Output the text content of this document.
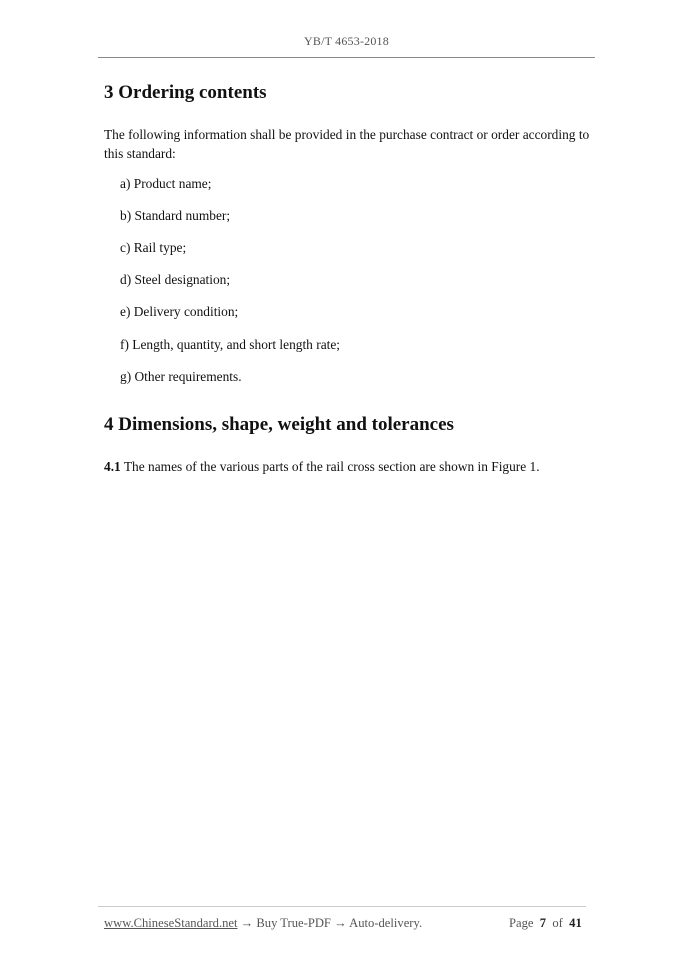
YB/T 4653-2018
3 Ordering contents

The following information shall be provided in the purchase contract or order according to this standard:

a) Product name;

b) Standard number;

c) Rail type;

d) Steel designation;

e) Delivery condition;

f) Length, quantity, and short length rate;

g) Other requirements.

4 Dimensions, shape, weight and tolerances

4.1 The names of the various parts of the rail cross section are shown in Figure 1.

www.ChineseStandard.net → Buy True-PDF → Auto-delivery.	Page 7 of 41
